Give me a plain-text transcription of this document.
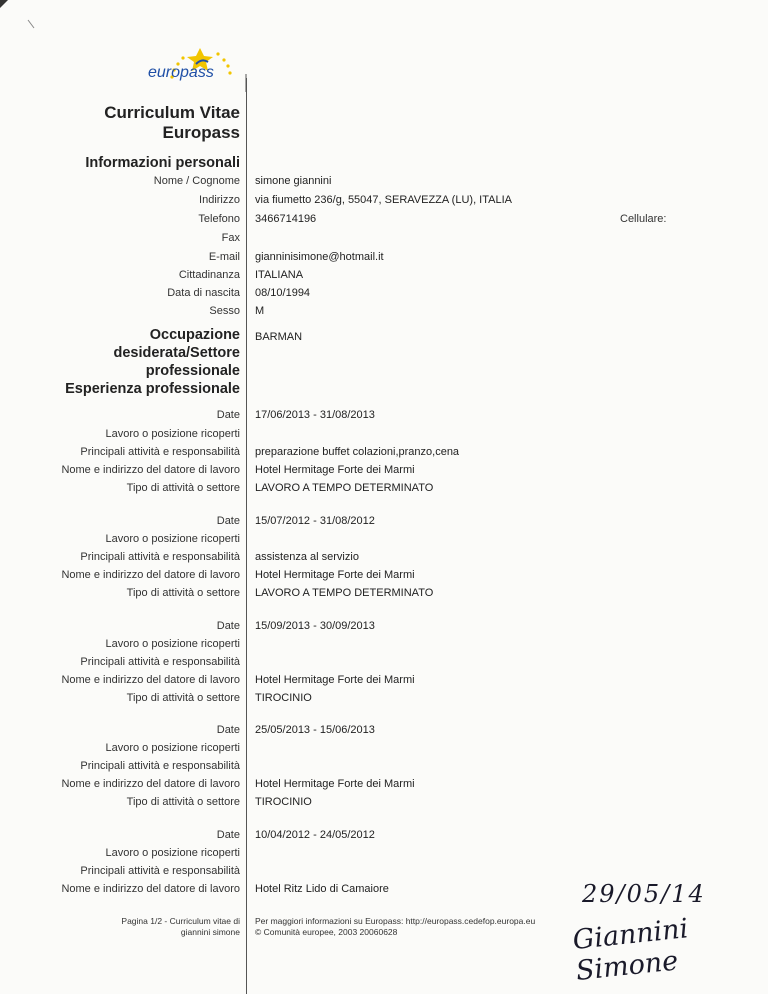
europass
Curriculum Vitae
Europass
Informazioni personali
Nome / Cognome simone giannini
Indirizzo via fiumetto 236/g, 55047, SERAVEZZA (LU), ITALIA
Telefono 3466714196	Cellulare:
Fax
E-mail gianninisimone@hotmail.it
Cittadinanza ITALIANA
Data di nascita 08/10/1994
Sesso M
Occupazione
desiderata/Settore
professionale
BARMAN
Esperienza professionale
Date 17/06/2013 - 31/08/2013
Lavoro o posizione ricoperti
Principali attività e responsabilità preparazione buffet colazioni,pranzo,cena
Nome e indirizzo del datore di lavoro Hotel Hermitage Forte dei Marmi
Tipo di attività o settore LAVORO A TEMPO DETERMINATO
Date 15/07/2012 - 31/08/2012
Lavoro o posizione ricoperti
Principali attività e responsabilità assistenza al servizio
Nome e indirizzo del datore di lavoro Hotel Hermitage Forte dei Marmi
Tipo di attività o settore LAVORO A TEMPO DETERMINATO
Date 15/09/2013 - 30/09/2013
Lavoro o posizione ricoperti
Principali attività e responsabilità
Nome e indirizzo del datore di lavoro Hotel Hermitage Forte dei Marmi
Tipo di attività o settore TIROCINIO
Date 25/05/2013 - 15/06/2013
Lavoro o posizione ricoperti
Principali attività e responsabilità
Nome e indirizzo del datore di lavoro Hotel Hermitage Forte dei Marmi
Tipo di attività o settore TIROCINIO
Date 10/04/2012 - 24/05/2012
Lavoro o posizione ricoperti
Principali attività e responsabilità
Nome e indirizzo del datore di lavoro Hotel Ritz Lido di Camaiore
Pagina 1/2 - Curriculum vitae di
giannini simone
Per maggiori informazioni su Europass: http://europass.cedefop.europa.eu
© Comunità europee, 2003 20060628
29/05/14
Giannini Simone
